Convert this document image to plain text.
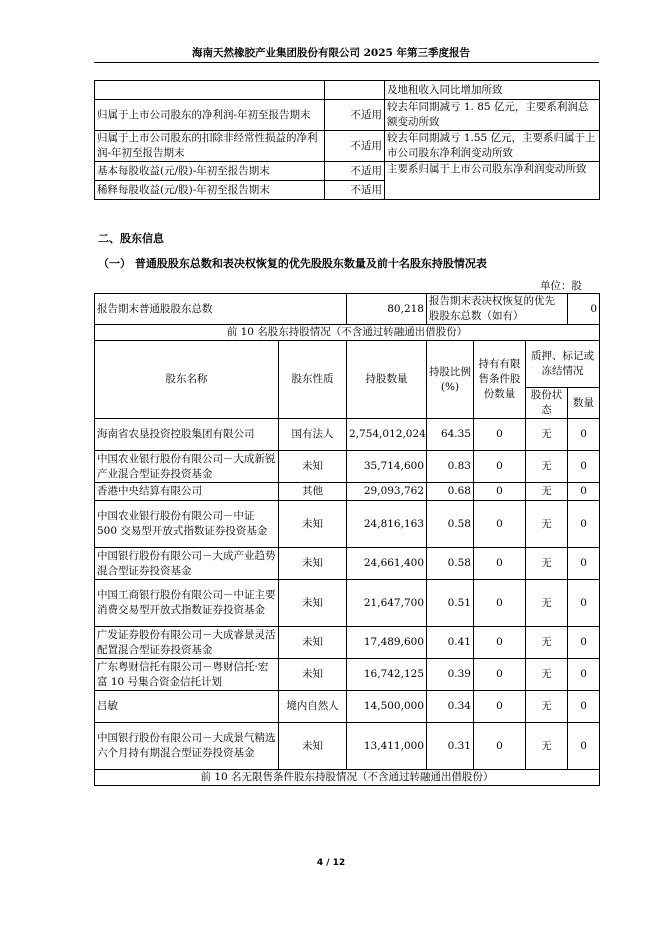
海南天然橡胶产业集团股份有限公司 2025 年第三季度报告
		及地租收入同比增加所致
归属于上市公司股东的净利润-年初至报告期末	不适用	较去年同期减亏 1. 85 亿元，主要系利润总额变动所致
归属于上市公司股东的扣除非经常性损益的净利润-年初至报告期末	不适用	较去年同期减亏 1.55 亿元，主要系归属于上市公司股东净利润变动所致
基本每股收益(元/股)-年初至报告期末	不适用	主要系归属于上市公司股东净利润变动所致
稀释每股收益(元/股)-年初至报告期末	不适用	
二、股东信息
（一） 普通股股东总数和表决权恢复的优先股股东数量及前十名股东持股情况表
单位：股
报告期末普通股股东总数		80,218	报告期末表决权恢复的优先股股东总数（如有）			0
前 10 名股东持股情况（不含通过转融通出借股份）						
股东名称	股东性质	持股数量	持股比例(%)	持有有限售条件股份数量	质押、标记或冻结情况	
					股份状态	数量
海南省农垦投资控股集团有限公司	国有法人	2,754,012,024	64.35	0	无	0
中国农业银行股份有限公司－大成新锐产业混合型证券投资基金	未知	35,714,600	0.83	0	无	0
香港中央结算有限公司	其他	29,093,762	0.68	0	无	0
中国农业银行股份有限公司－中证 500 交易型开放式指数证券投资基金	未知	24,816,163	0.58	0	无	0
中国银行股份有限公司－大成产业趋势混合型证券投资基金	未知	24,661,400	0.58	0	无	0
中国工商银行股份有限公司－中证主要消费交易型开放式指数证券投资基金	未知	21,647,700	0.51	0	无	0
广发证券股份有限公司－大成睿景灵活配置混合型证券投资基金	未知	17,489,600	0.41	0	无	0
广东粤财信托有限公司－粤财信托·宏富 10 号集合资金信托计划	未知	16,742,125	0.39	0	无	0
吕敏	境内自然人	14,500,000	0.34	0	无	0
中国银行股份有限公司－大成景气精选六个月持有期混合型证券投资基金	未知	13,411,000	0.31	0	无	0
前 10 名无限售条件股东持股情况（不含通过转融通出借股份）						
4 / 12
